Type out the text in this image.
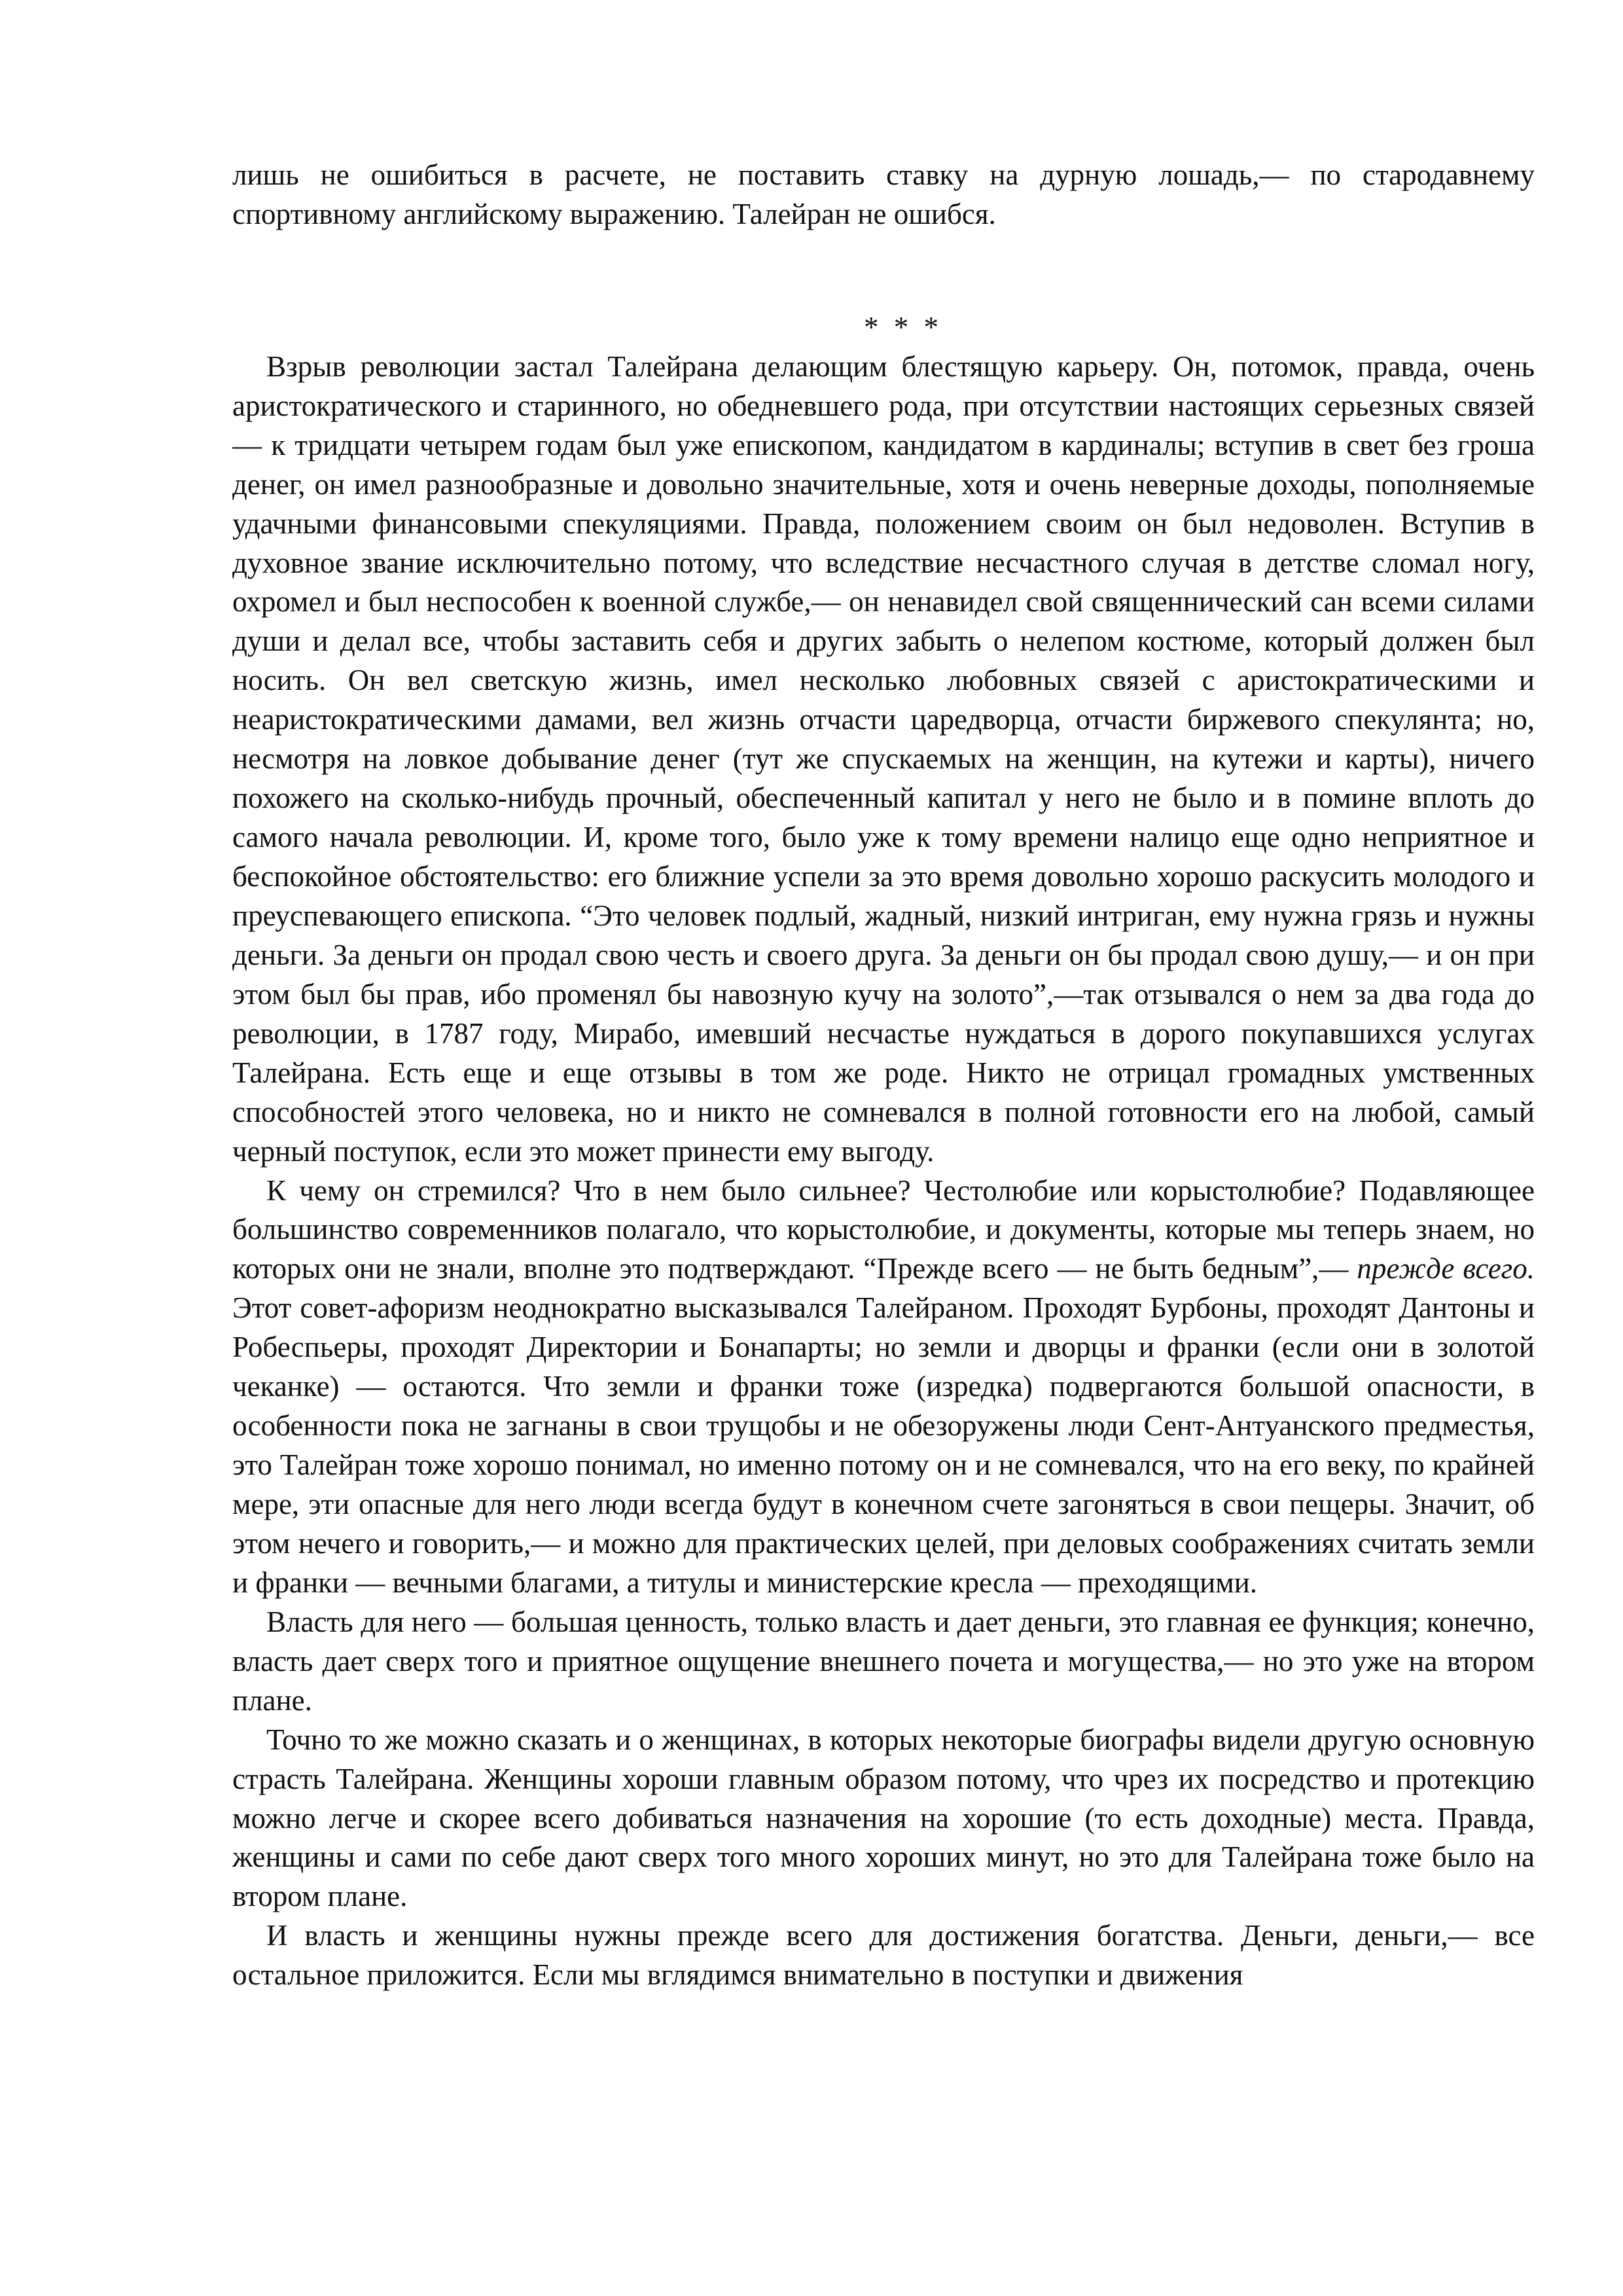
лишь не ошибиться в расчете, не поставить ставку на дурную лошадь,— по стародавнему спортивному английскому выражению. Талейран не ошибся.

* * *

Взрыв революции застал Талейрана делающим блестящую карьеру. Он, потомок, правда, очень аристократического и старинного, но обедневшего рода, при отсутствии настоящих серьезных связей — к тридцати четырем годам был уже епископом, кандидатом в кардиналы; вступив в свет без гроша денег, он имел разнообразные и довольно значительные, хотя и очень неверные доходы, пополняемые удачными финансовыми спекуляциями. Правда, положением своим он был недоволен. Вступив в духовное звание исключительно потому, что вследствие несчастного случая в детстве сломал ногу, охромел и был неспособен к военной службе,— он ненавидел свой священнический сан всеми силами души и делал все, чтобы заставить себя и других забыть о нелепом костюме, который должен был носить. Он вел светскую жизнь, имел несколько любовных связей с аристократическими и неаристократическими дамами, вел жизнь отчасти царедворца, отчасти биржевого спекулянта; но, несмотря на ловкое добывание денег (тут же спускаемых на женщин, на кутежи и карты), ничего похожего на сколько-нибудь прочный, обеспеченный капитал у него не было и в помине вплоть до самого начала революции. И, кроме того, было уже к тому времени налицо еще одно неприятное и беспокойное обстоятельство: его ближние успели за это время довольно хорошо раскусить молодого и преуспевающего епископа. “Это человек подлый, жадный, низкий интриган, ему нужна грязь и нужны деньги. За деньги он продал свою честь и своего друга. За деньги он бы продал свою душу,— и он при этом был бы прав, ибо променял бы навозную кучу на золото”,—так отзывался о нем за два года до революции, в 1787 году, Мирабо, имевший несчастье нуждаться в дорого покупавшихся услугах Талейрана. Есть еще и еще отзывы в том же роде. Никто не отрицал громадных умственных способностей этого человека, но и никто не сомневался в полной готовности его на любой, самый черный поступок, если это может принести ему выгоду.

К чему он стремился? Что в нем было сильнее? Честолюбие или корыстолюбие? Подавляющее большинство современников полагало, что корыстолюбие, и документы, которые мы теперь знаем, но которых они не знали, вполне это подтверждают. “Прежде всего — не быть бедным”,— прежде всего. Этот совет-афоризм неоднократно высказывался Талейраном. Проходят Бурбоны, проходят Дантоны и Робеспьеры, проходят Директории и Бонапарты; но земли и дворцы и франки (если они в золотой чеканке) — остаются. Что земли и франки тоже (изредка) подвергаются большой опасности, в особенности пока не загнаны в свои трущобы и не обезоружены люди Сент-Антуанского предместья, это Талейран тоже хорошо понимал, но именно потому он и не сомневался, что на его веку, по крайней мере, эти опасные для него люди всегда будут в конечном счете загоняться в свои пещеры. Значит, об этом нечего и говорить,— и можно для практических целей, при деловых соображениях считать земли и франки — вечными благами, а титулы и министерские кресла — преходящими.

Власть для него — большая ценность, только власть и дает деньги, это главная ее функция; конечно, власть дает сверх того и приятное ощущение внешнего почета и могущества,— но это уже на втором плане.

Точно то же можно сказать и о женщинах, в которых некоторые биографы видели другую основную страсть Талейрана. Женщины хороши главным образом потому, что чрез их посредство и протекцию можно легче и скорее всего добиваться назначения на хорошие (то есть доходные) места. Правда, женщины и сами по себе дают сверх того много хороших минут, но это для Талейрана тоже было на втором плане.

И власть и женщины нужны прежде всего для достижения богатства. Деньги, деньги,— все остальное приложится. Если мы вглядимся внимательно в поступки и движения
